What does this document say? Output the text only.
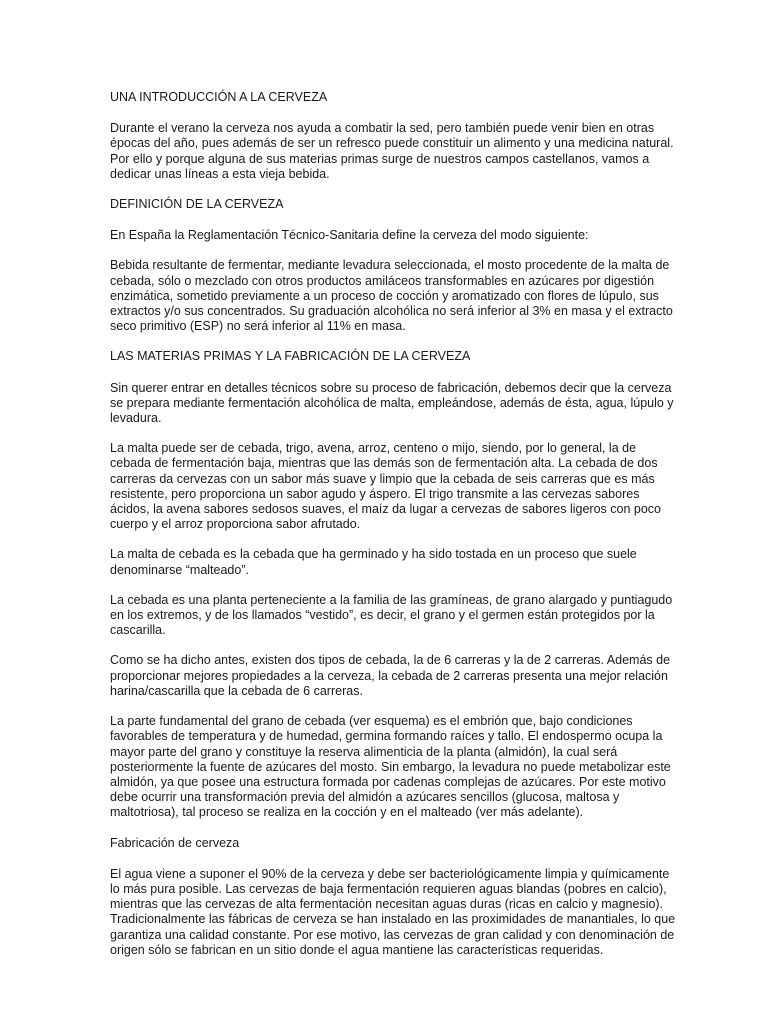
UNA INTRODUCCIÓN A LA CERVEZA

Durante el verano la cerveza nos ayuda a combatir la sed, pero también puede venir bien en otras épocas del año, pues además de ser un refresco puede constituir un alimento y una medicina natural. Por ello y porque alguna de sus materias primas surge de nuestros campos castellanos, vamos a dedicar unas líneas a esta vieja bebida.

DEFINICIÓN DE LA CERVEZA

En España la Reglamentación Técnico-Sanitaria define la cerveza del modo siguiente:

Bebida resultante de fermentar, mediante levadura seleccionada, el mosto procedente de la malta de cebada, sólo o mezclado con otros productos amiláceos transformables en azúcares por digestión enzimática, sometido previamente a un proceso de cocción y aromatizado con flores de lúpulo, sus extractos y/o sus concentrados. Su graduación alcohólica no será inferior al 3% en masa y el extracto seco primitivo (ESP) no será inferior al 11% en masa.

LAS MATERIAS PRIMAS Y LA FABRICACIÓN DE LA CERVEZA

Sin querer entrar en detalles técnicos sobre su proceso de fabricación, debemos decir que la cerveza se prepara mediante fermentación alcohólica de malta, empleándose, además de ésta, agua, lúpulo y levadura.

La malta puede ser de cebada, trigo, avena, arroz, centeno o mijo, siendo, por lo general, la de cebada de fermentación baja, mientras que las demás son de fermentación alta. La cebada de dos carreras da cervezas con un sabor más suave y limpio que la cebada de seis carreras que es más resistente, pero proporciona un sabor agudo y áspero. El trigo transmite a las cervezas sabores ácidos, la avena sabores sedosos suaves, el maíz da lugar a cervezas de sabores ligeros con poco cuerpo y el arroz proporciona sabor afrutado.

La malta de cebada es la cebada que ha germinado y ha sido tostada en un proceso que suele denominarse “malteado”.

La cebada es una planta perteneciente a la familia de las gramíneas, de grano alargado y puntiagudo en los extremos, y de los llamados “vestido”, es decir, el grano y el germen están protegidos por la cascarilla.

Como se ha dicho antes, existen dos tipos de cebada, la de 6 carreras y la de 2 carreras. Además de proporcionar mejores propiedades a la cerveza, la cebada de 2 carreras presenta una mejor relación harina/cascarilla que la cebada de 6 carreras.

La parte fundamental del grano de cebada (ver esquema) es el embrión que, bajo condiciones favorables de temperatura y de humedad, germina formando raíces y tallo. El endospermo ocupa la mayor parte del grano y constituye la reserva alimenticia de la planta (almidón), la cual será posteriormente la fuente de azúcares del mosto. Sin embargo, la levadura no puede metabolizar este almidón, ya que posee una estructura formada por cadenas complejas de azúcares. Por este motivo debe ocurrir una transformación previa del almidón a azúcares sencillos (glucosa, maltosa y maltotriosa), tal proceso se realiza en la cocción y en el malteado (ver más adelante).

Fabricación de cerveza

El agua viene a suponer el 90% de la cerveza y debe ser bacteriológicamente limpia y químicamente lo más pura posible. Las cervezas de baja fermentación requieren aguas blandas (pobres en calcio), mientras que las cervezas de alta fermentación necesitan aguas duras (ricas en calcio y magnesio). Tradicionalmente las fábricas de cerveza se han instalado en las proximidades de manantiales, lo que garantiza una calidad constante. Por ese motivo, las cervezas de gran calidad y con denominación de origen sólo se fabrican en un sitio donde el agua mantiene las características requeridas.
